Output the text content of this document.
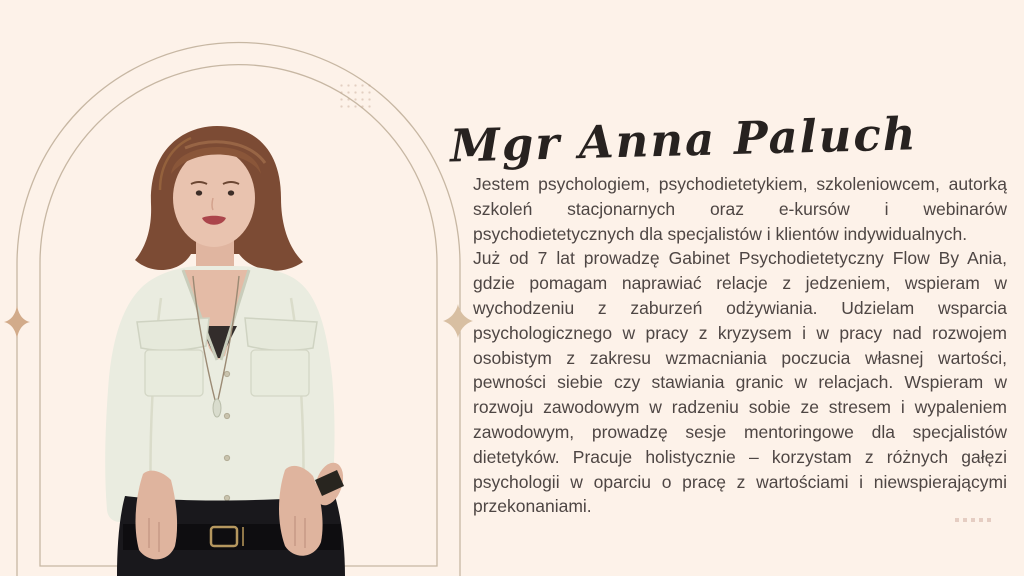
Mgr Anna Paluch

Jestem psychologiem, psychodietetykiem, szkoleniowcem, autorką szkoleń stacjonarnych oraz e-kursów i webinarów psychodietetycznych dla specjalistów i klientów indywidualnych.

Już od 7 lat prowadzę Gabinet Psychodietetyczny Flow By Ania, gdzie pomagam naprawiać relacje z jedzeniem, wspieram w wychodzeniu z zaburzeń odżywiania. Udzielam wsparcia psychologicznego w pracy z kryzysem i w pracy nad rozwojem osobistym z zakresu wzmacniania poczucia własnej wartości, pewności siebie czy stawiania granic w relacjach. Wspieram w rozwoju zawodowym w radzeniu sobie ze stresem i wypaleniem zawodowym, prowadzę sesje mentoringowe dla specjalistów dietetyków. Pracuje holistycznie – korzystam z różnych gałęzi psychologii w oparciu o pracę z wartościami i niewspierającymi przekonaniami.
